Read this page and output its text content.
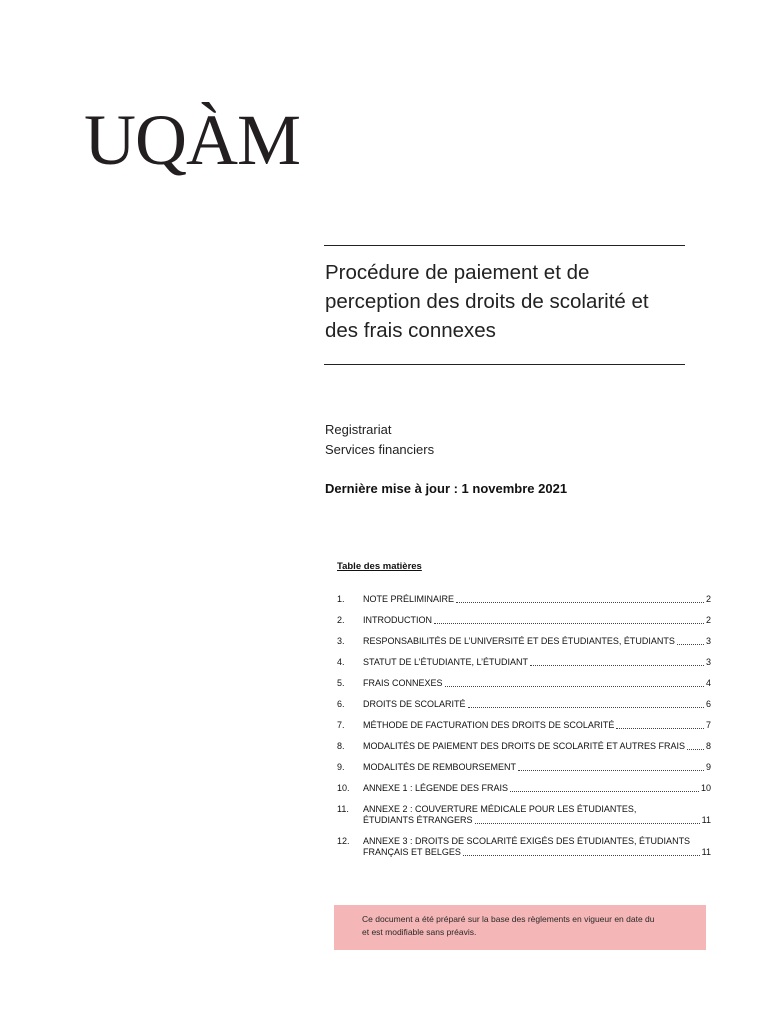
UQÀM
Procédure de paiement et de perception des droits de scolarité et des frais connexes
Registrariat
Services financiers
Dernière mise à jour : 1 novembre 2021
Table des matières
1.	NOTE PRÉLIMINAIRE	2
2.	INTRODUCTION	2
3.	RESPONSABILITÉS DE L’UNIVERSITÉ ET DES ÉTUDIANTES, ÉTUDIANTS	3
4.	STATUT DE L’ÉTUDIANTE, L’ÉTUDIANT	3
5.	FRAIS CONNEXES	4
6.	DROITS DE SCOLARITÉ	6
7.	MÉTHODE DE FACTURATION DES DROITS DE SCOLARITÉ	7
8.	MODALITÉS DE PAIEMENT DES DROITS DE SCOLARITÉ ET AUTRES FRAIS 8
9.	MODALITÉS DE REMBOURSEMENT	9
10.	ANNEXE 1 : LÉGENDE DES FRAIS	10
11.	ANNEXE 2 : COUVERTURE MÉDICALE POUR LES ÉTUDIANTES,
ÉTUDIANTS ÉTRANGERS	11
12.	ANNEXE 3 : DROITS DE SCOLARITÉ EXIGÉS DES ÉTUDIANTES, ÉTUDIANTS
FRANÇAIS ET BELGES	11
Ce document a été préparé sur la base des règlements en vigueur en date du
et est modifiable sans préavis.
